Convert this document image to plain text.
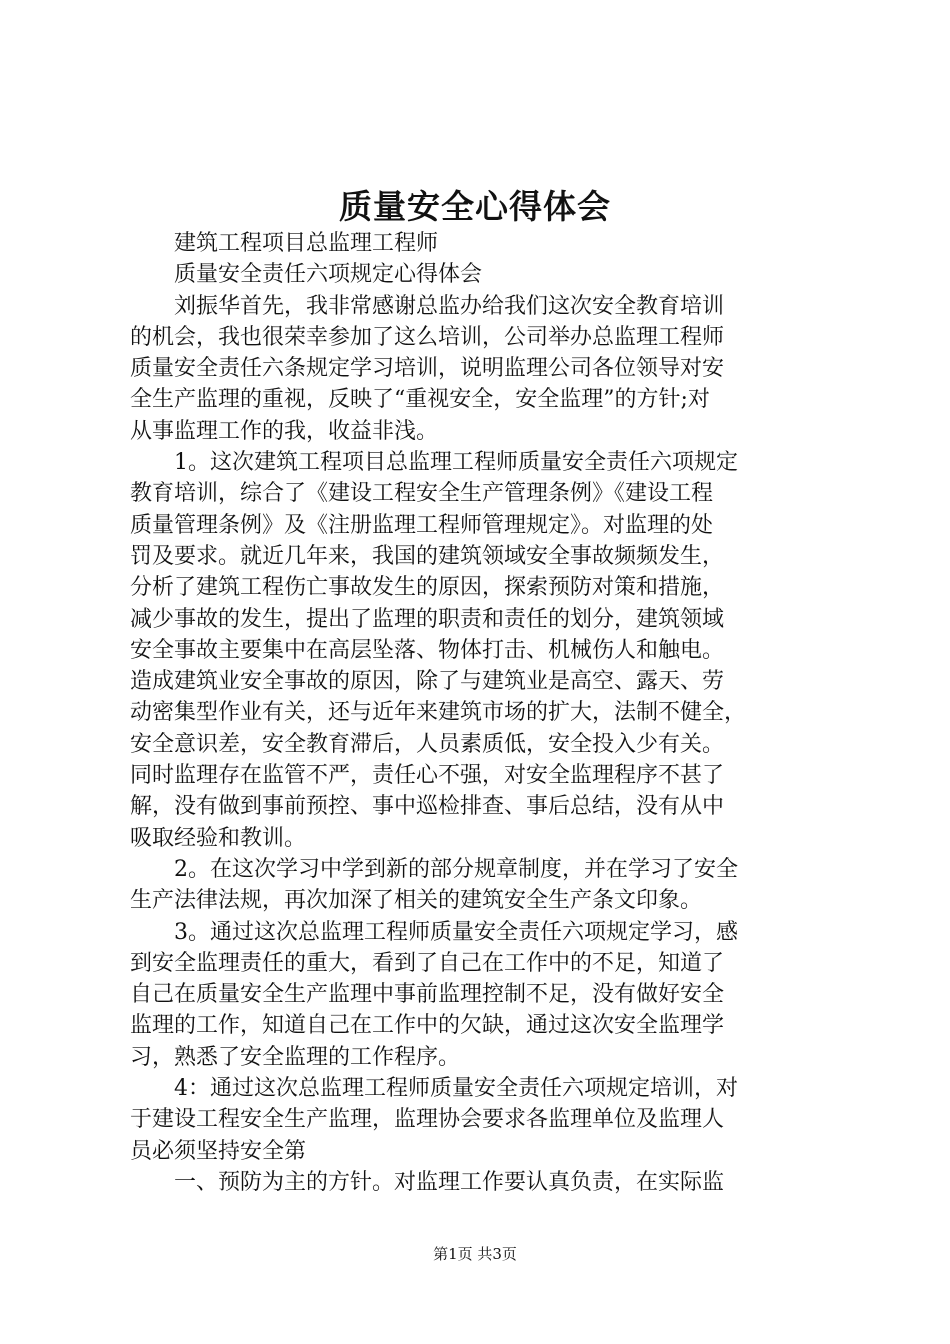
质量安全心得体会
　　建筑工程项目总监理工程师
　　质量安全责任六项规定心得体会
　　刘振华首先，我非常感谢总监办给我们这次安全教育培训
的机会，我也很荣幸参加了这么培训，公司举办总监理工程师
质量安全责任六条规定学习培训，说明监理公司各位领导对安
全生产监理的重视，反映了“重视安全，安全监理”的方针;对
从事监理工作的我，收益非浅。
　　1。这次建筑工程项目总监理工程师质量安全责任六项规定
教育培训，综合了《建设工程安全生产管理条例》《建设工程
质量管理条例》及《注册监理工程师管理规定》。对监理的处
罚及要求。就近几年来，我国的建筑领域安全事故频频发生，
分析了建筑工程伤亡事故发生的原因，探索预防对策和措施，
减少事故的发生，提出了监理的职责和责任的划分，建筑领域
安全事故主要集中在高层坠落、物体打击、机械伤人和触电。
造成建筑业安全事故的原因，除了与建筑业是高空、露天、劳
动密集型作业有关，还与近年来建筑市场的扩大，法制不健全，
安全意识差，安全教育滞后，人员素质低，安全投入少有关。
同时监理存在监管不严，责任心不强，对安全监理程序不甚了
解，没有做到事前预控、事中巡检排查、事后总结，没有从中
吸取经验和教训。
　　2。在这次学习中学到新的部分规章制度，并在学习了安全
生产法律法规，再次加深了相关的建筑安全生产条文印象。
　　3。通过这次总监理工程师质量安全责任六项规定学习，感
到安全监理责任的重大，看到了自己在工作中的不足，知道了
自己在质量安全生产监理中事前监理控制不足，没有做好安全
监理的工作，知道自己在工作中的欠缺，通过这次安全监理学
习，熟悉了安全监理的工作程序。
　　4：通过这次总监理工程师质量安全责任六项规定培训，对
于建设工程安全生产监理，监理协会要求各监理单位及监理人
员必须坚持安全第
　　一、预防为主的方针。对监理工作要认真负责，在实际监
第1页 共3页
